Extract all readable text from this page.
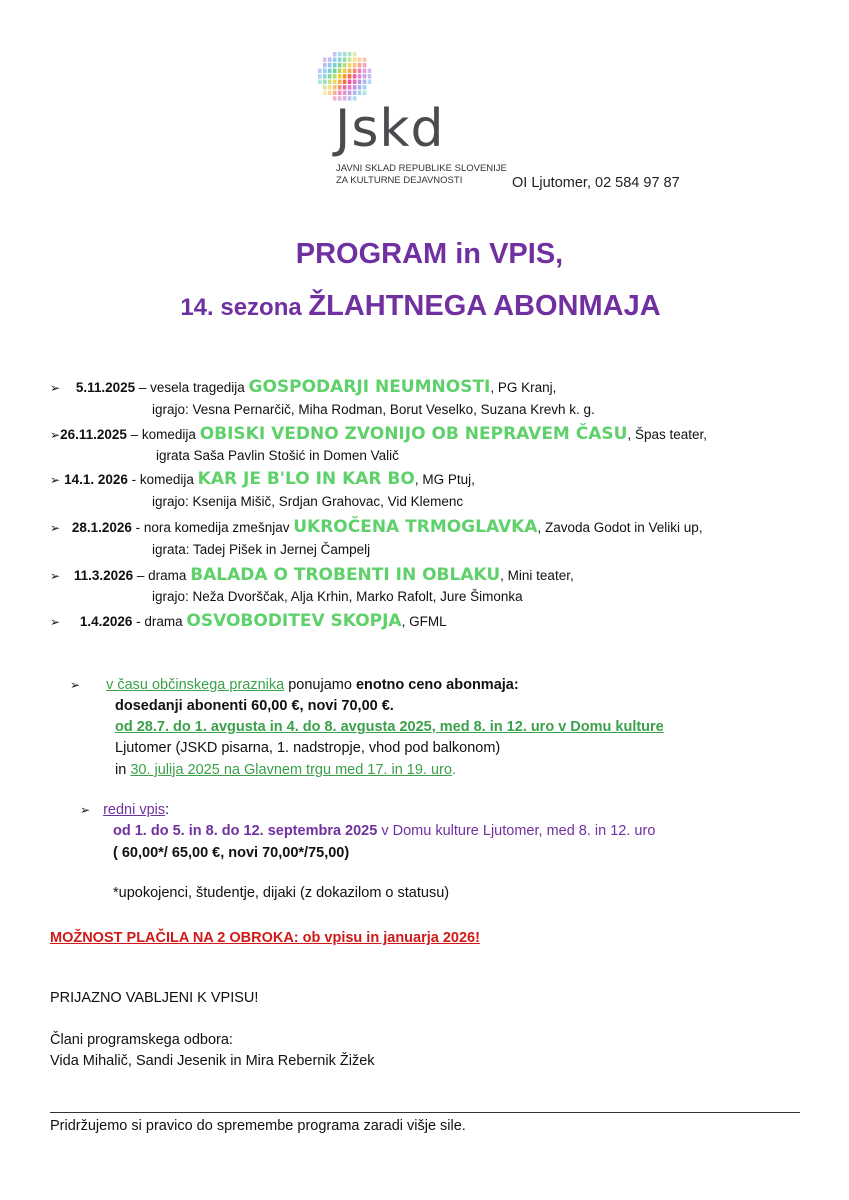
Jskd
JAVNI SKLAD REPUBLIKE SLOVENIJE
ZA KULTURNE DEJAVNOSTI	OI Ljutomer, 02 584 97 87
PROGRAM in VPIS,
14. sezona ŽLAHTNEGA ABONMAJA
➢ 5.11.2025 – vesela tragedija GOSPODARJI NEUMNOSTI, PG Kranj,
igrajo: Vesna Pernarčič, Miha Rodman, Borut Veselko, Suzana Krevh k. g.
➢26.11.2025 – komedija OBISKI VEDNO ZVONIJO OB NEPRAVEM ČASU, Špas teater,
igrata Saša Pavlin Stošić in Domen Valič
➢ 14.1. 2026 - komedija KAR JE B'LO IN KAR BO, MG Ptuj,
igrajo: Ksenija Mišič, Srdjan Grahovac, Vid Klemenc
➢ 28.1.2026 - nora komedija zmešnjav UKROČENA TRMOGLAVKA, Zavoda Godot in Veliki up,
igrata: Tadej Pišek in Jernej Čampelj
➢ 11.3.2026 – drama BALADA O TROBENTI IN OBLAKU, Mini teater,
igrajo: Neža Dvorščak, Alja Krhin, Marko Rafolt, Jure Šimonka
➢ 1.4.2026 - drama OSVOBODITEV SKOPJA, GFML
➢ v času občinskega praznika ponujamo enotno ceno abonmaja:
dosedanji abonenti 60,00 €, novi 70,00 €.
od 28.7. do 1. avgusta in 4. do 8. avgusta 2025, med 8. in 12. uro v Domu kulture
Ljutomer (JSKD pisarna, 1. nadstropje, vhod pod balkonom)
in 30. julija 2025 na Glavnem trgu med 17. in 19. uro.
➢ redni vpis:
od 1. do 5. in 8. do 12. septembra 2025 v Domu kulture Ljutomer, med 8. in 12. uro
( 60,00*/ 65,00 €, novi 70,00*/75,00)
*upokojenci, študentje, dijaki (z dokazilom o statusu)
MOŽNOST PLAČILA NA 2 OBROKA: ob vpisu in januarja 2026!
PRIJAZNO VABLJENI K VPISU!
Člani programskega odbora:
Vida Mihalič, Sandi Jesenik in Mira Rebernik Žižek
Pridržujemo si pravico do spremembe programa zaradi višje sile.
